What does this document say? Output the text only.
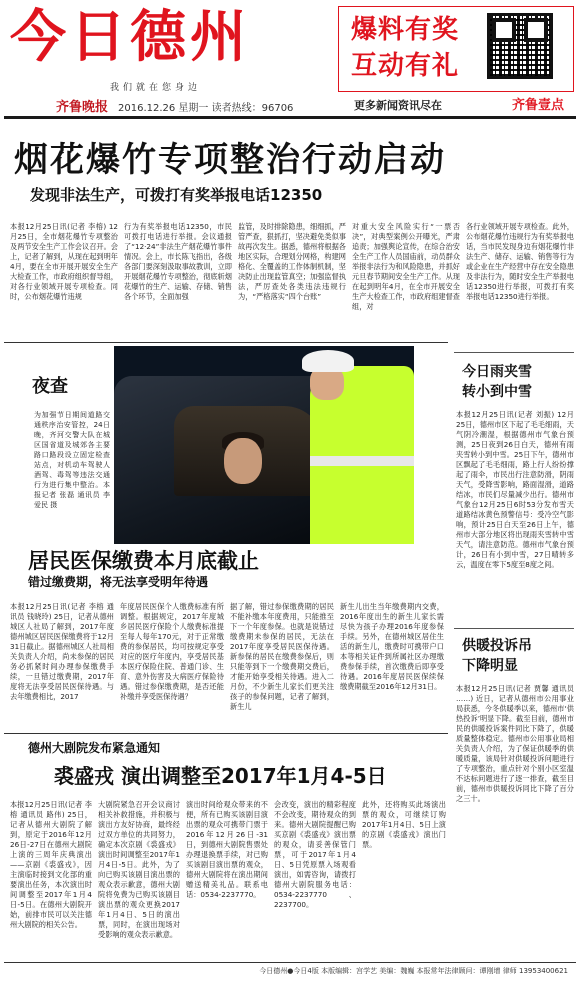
今日德州
我们就在您身边
齐鲁晚报 2016.12.26 星期一 读者热线：96706
爆料有奖
互动有礼
更多新闻资讯尽在	齐鲁壹点
烟花爆竹专项整治行动启动
发现非法生产，可拨打有奖举报电话12350
本报12月25日讯(记者 李榕) 12月25日，全市烟花爆竹专项整治及两节安全生产工作会议召开。会上，记者了解到，从现在起到明年4月，要在全市开展开展安全生产大检查工作，市政府组织督导组，对各行业领域开展专项检查。同时，公布烟花爆竹违规
行为有奖举报电话12350，市民可拨打电话进行举报。会议通报了“12·24”非法生产烟花爆竹事件情况。会上，市长陈飞指出，各级各部门要深刻汲取事故教训，立即开展烟花爆竹专项整治，彻底斩烟花爆竹的生产、运输、存储、销售各个环节，全面加强
监管，及时排除隐患，细细抓，严管严查，狠抓打，坚决避免类似事故再次发生。据悉，德州将根据各地区实际，合理划分网格，构建网格化、全覆盖的工作体制机制，坚决防止出现监管真空；加强监督执法，严厉查处各类违法违规行为，“严格落实“四个台账”
对重大安全风险实行“一票否决”，对典型案例公开曝光，严肃追责；加强舆论宣传，在综合治安全生产工作人员国庙前，动员群众举报非法行为和风险隐患，并抓好元旦春节期间安全生产工作。从现在起到明年4月，在全市开展安全生产大检查工作，市政府组建督查组，对
各行业领域开展专项检查。此外，公布烟花爆竹违规行为有奖举报电话，当市民发现身边有烟花爆竹非法生产、储存、运输、销售等行为或企业在生产经营中存在安全隐患及非法行为，随时安全生产举报电话12350进行举报，可拨打有奖举报电话12350进行举报。
夜查
为加强节日期间道路交通秩序治安管控，24日晚，齐河交警大队在城区国省道及城郊各主要路口路段设立固定检查站点，对机动车驾驶人酒驾、毒驾等违法交通行为进行集中整治。本报记者 张磊 通讯员 李爱民 摄
今日雨夹雪
转小到中雪
本报12月25日讯(记者 刘振) 12月25日，德州市区下起了毛毛细雨，天气阴冷潮湿，根据德州市气象台预测，25日夜到26日白天，德州有雨夹雪转小到中雪。25日下午，德州市区飘起了毛毛细雨，路上行人纷纷撑起了雨伞，市民出行注意防滑，阴雨天气，受降雪影响，路面湿滑，道路结冰，市民们尽量减少出行。德州市气象台12月25日6时53分发布雪天道路结冰黄色预警信号：受冷空气影响，预计25日白天至26日上午，德州市大部分地区将出现雨夹雪转中雪天气，请注意防范。德州市气象台预计，26日有小到中雪，27日晴转多云，温度在零下5度至8度之间。
供暖投诉吊
下降明显
本报12月25日讯(记者 贾馨 通讯员 ……) 近日，记者从德州市公用事业局获悉，今冬供暖季以来，德州市‘供热投诉’明显下降。截至目前，德州市民的供暖投诉案件同比下降了，供暖质量整体稳定。德州市公用事业局相关负责人介绍，为了保证供暖季的供暖质量，该局针对供暖投诉问题进行了专项整治，重点针对个别小区室温不达标问题进行了逐一排查，截至目前，德州市供暖投诉同比下降了百分之三十。
居民医保缴费本月底截止
错过缴费期，将无法享受明年待遇
本报12月25日讯(记者 李榕 通讯员 钱晓玲) 25日，记者从德州城区人社局了解到，2017年度德州城区居民医保缴费将于12月31日截止。据德州城区人社局相关负责人介绍，尚未参保的居民务必抓紧时间办理参保缴费手续，一旦错过缴费期，2017年度将无法享受居民医保待遇。与去年缴费相比，2017
年度居民医保个人缴费标准有所调整。根据规定，2017年度城乡居民医疗保险个人缴费标准提至每人每年170元，对于正常缴费的参保居民，均可按规定享受对应的医疗年度内，享受居民基本医疗保险住院、普通门诊、生育、意外伤害及大病医疗保险待遇。错过参保缴费期，是否还能补缴并享受医保待遇？
据了解，错过参保缴费期的居民不能补缴本年度费用，只能推至下一个年度参保。也就是说错过缴费期未参保的居民，无法在2017年度享受居民医保待遇。新参保的居民在缴费参保后，则只能等到下一个缴费期交费后，才能开始享受相关待遇。进入二月份，不少新生儿家长们更关注孩子的参保问题，记者了解到，新生儿
新生儿出生当年缴费期内交费，2016年度出生的新生儿家长需尽快为孩子办理2016年度参保手续。另外，在德州城区居住生活的新生儿，缴费时可携带户口本等相关证件到所属社区办理缴费参保手续，首次缴费后即享受待遇。2016年度居民医保续保缴费期截至2016年12月31日。
德州大剧院发布紧急通知
裘盛戎 演出调整至2017年1月4-5日
本报12月25日讯(记者 李榕 通讯员 路伟) 25日，记者从德州大剧院了解到，原定于2016年12月26日-27日在德州大剧院上演的三周年庆典演出——京剧《裘盛戎》，因主演临时接到文化部的重要演出任务，本次演出时间调整至2017年1月4日-5日。在德州大剧院开始，前排市民可以关注德州大剧院的相关公告。
大剧院紧急召开会议商讨相关补救措施，并积极与演出方友好协商，最终经过双方单位的共同努力，确定本次京剧《裘盛戎》演出时间调整至2017年1月4日-5日。此外，为了向已购买该剧目演出票的观众表示歉意，德州大剧院将免费为已购买该剧目演出票的观众更换2017年1月4日、5日的演出票，同时，在演出现场对受影响的观众表示歉意。
演出时间给观众带来的不便，所有已购买该剧目演出票的观众可携带门票于2016年12月26日-31日，到德州大剧院售票处办理退换票手续，对已购买该剧目演出票的观众，德州大剧院将在演出期间赠送精美礼品。联系电话：0534-2237770。
会改变，演出的精彩程度不会改变，期待观众的到来。德州大剧院提醒已购买京剧《裘盛戎》演出票的观众，请妥善保管门票，可于2017年1月4日、5日凭原票入场观看演出，如需咨询，请拨打德州大剧院服务电话：0534-2237770、2237700。
此外，还将购买此场演出票的观众，可继续订购2017年1月4日、5日上演的京剧《裘盛戎》演出门票。
今日德州●今日4版 本版编辑：宫学艺 美编：魏巍 本报常年法律顾问：谭刚增 律师 13953400621
